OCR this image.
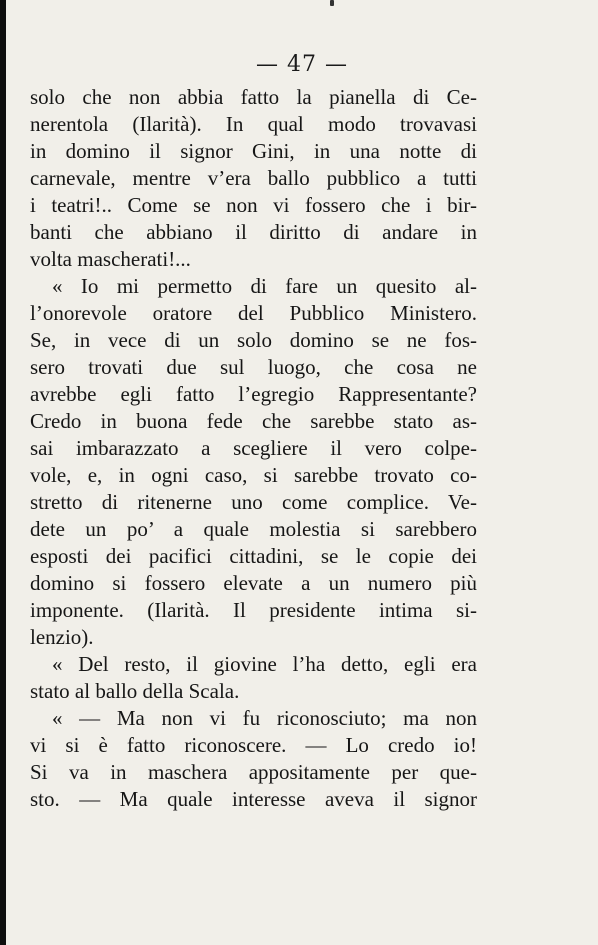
— 47 —
solo che non abbia fatto la pianella di Ce-
nerentola (Ilarità). In qual modo trovavasi
in domino il signor Gini, in una notte di
carnevale, mentre v’era ballo pubblico a tutti
i teatri!.. Come se non vi fossero che i bir-
banti che abbiano il diritto di andare in
volta mascherati!...
« Io mi permetto di fare un quesito al-
l’onorevole oratore del Pubblico Ministero.
Se, in vece di un solo domino se ne fos-
sero trovati due sul luogo, che cosa ne
avrebbe egli fatto l’egregio Rappresentante?
Credo in buona fede che sarebbe stato as-
sai imbarazzato a scegliere il vero colpe-
vole, e, in ogni caso, si sarebbe trovato co-
stretto di ritenerne uno come complice. Ve-
dete un po’ a quale molestia si sarebbero
esposti dei pacifici cittadini, se le copie dei
domino si fossero elevate a un numero più
imponente. (Ilarità. Il presidente intima si-
lenzio).
« Del resto, il giovine l’ha detto, egli era
stato al ballo della Scala.
« — Ma non vi fu riconosciuto; ma non
vi si è fatto riconoscere. — Lo credo io!
Si va in maschera appositamente per que-
sto. — Ma quale interesse aveva il signor
